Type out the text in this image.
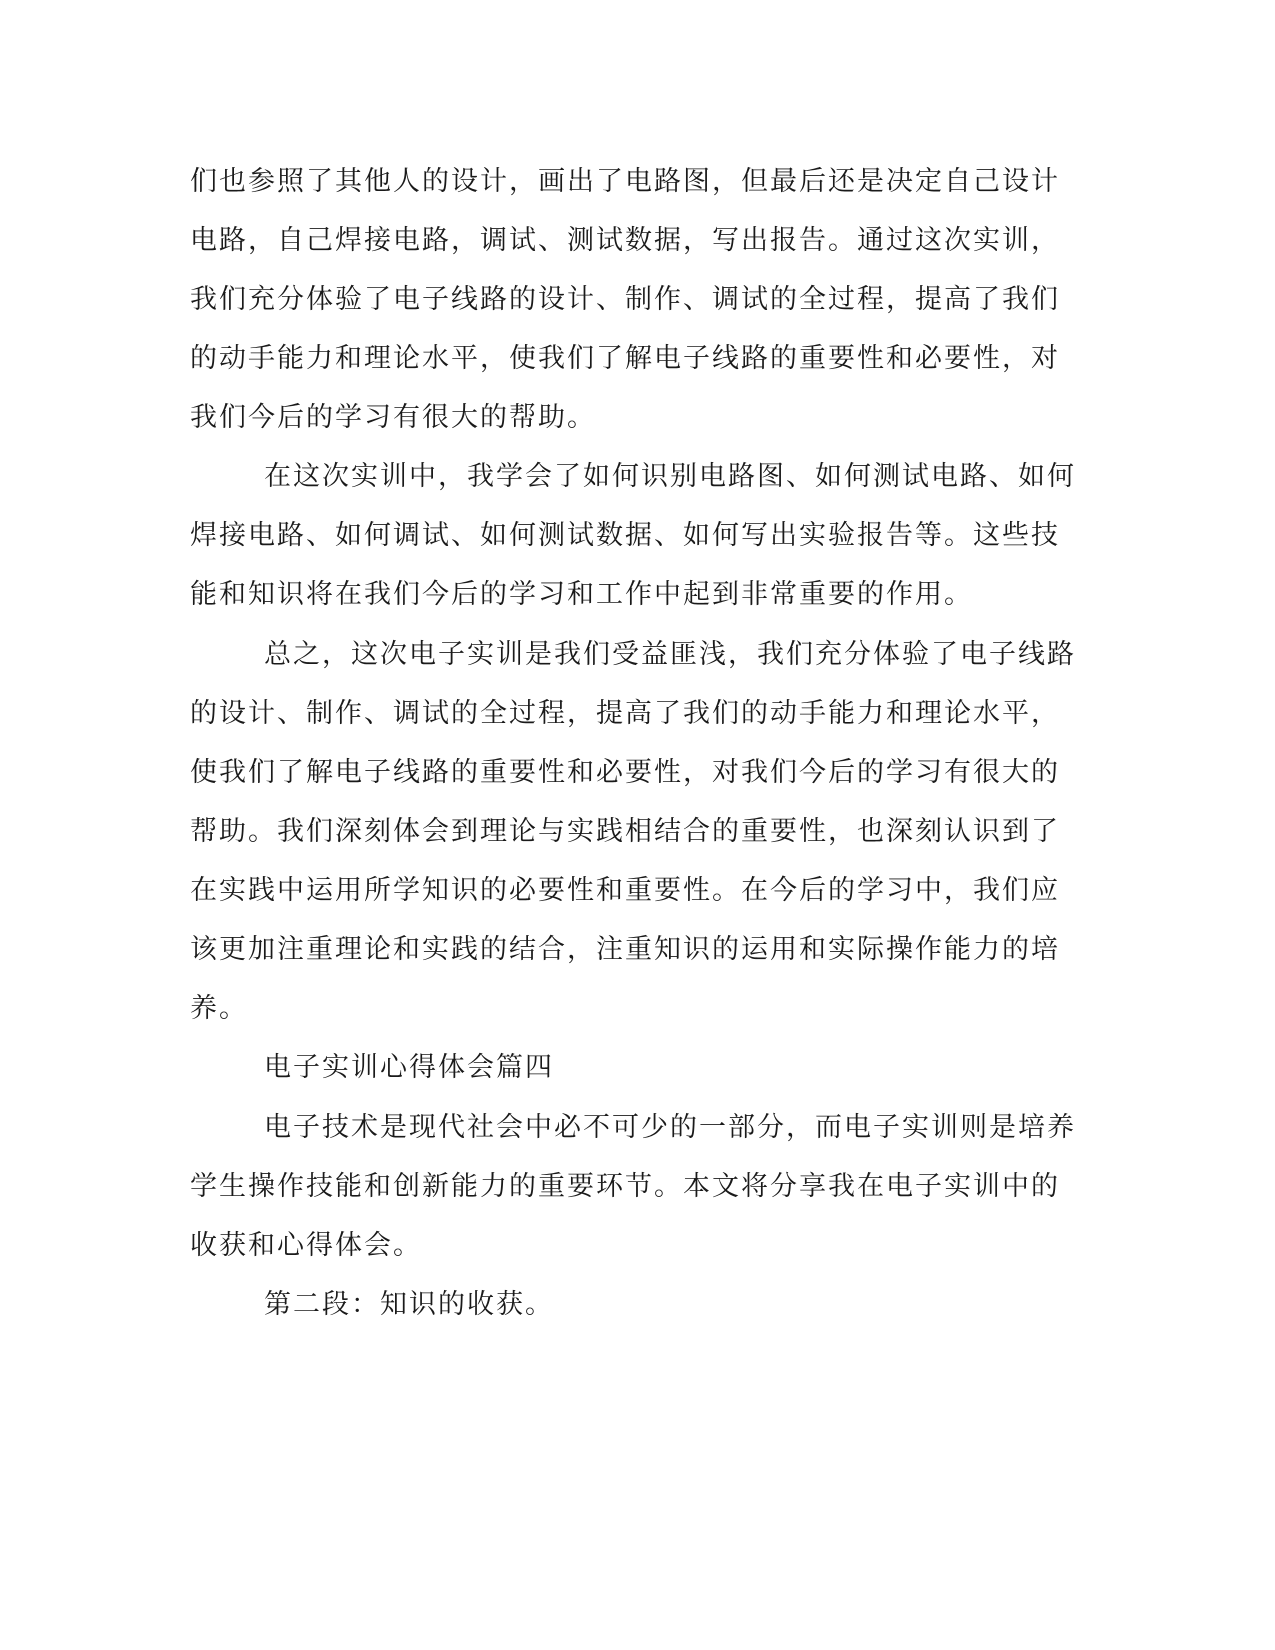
们也参照了其他人的设计，画出了电路图，但最后还是决定自己设计
电路，自己焊接电路，调试、测试数据，写出报告。通过这次实训，
我们充分体验了电子线路的设计、制作、调试的全过程，提高了我们
的动手能力和理论水平，使我们了解电子线路的重要性和必要性，对
我们今后的学习有很大的帮助。
在这次实训中，我学会了如何识别电路图、如何测试电路、如何
焊接电路、如何调试、如何测试数据、如何写出实验报告等。这些技
能和知识将在我们今后的学习和工作中起到非常重要的作用。
总之，这次电子实训是我们受益匪浅，我们充分体验了电子线路
的设计、制作、调试的全过程，提高了我们的动手能力和理论水平，
使我们了解电子线路的重要性和必要性，对我们今后的学习有很大的
帮助。我们深刻体会到理论与实践相结合的重要性，也深刻认识到了
在实践中运用所学知识的必要性和重要性。在今后的学习中，我们应
该更加注重理论和实践的结合，注重知识的运用和实际操作能力的培
养。
电子实训心得体会篇四
电子技术是现代社会中必不可少的一部分，而电子实训则是培养
学生操作技能和创新能力的重要环节。本文将分享我在电子实训中的
收获和心得体会。
第二段：知识的收获。
